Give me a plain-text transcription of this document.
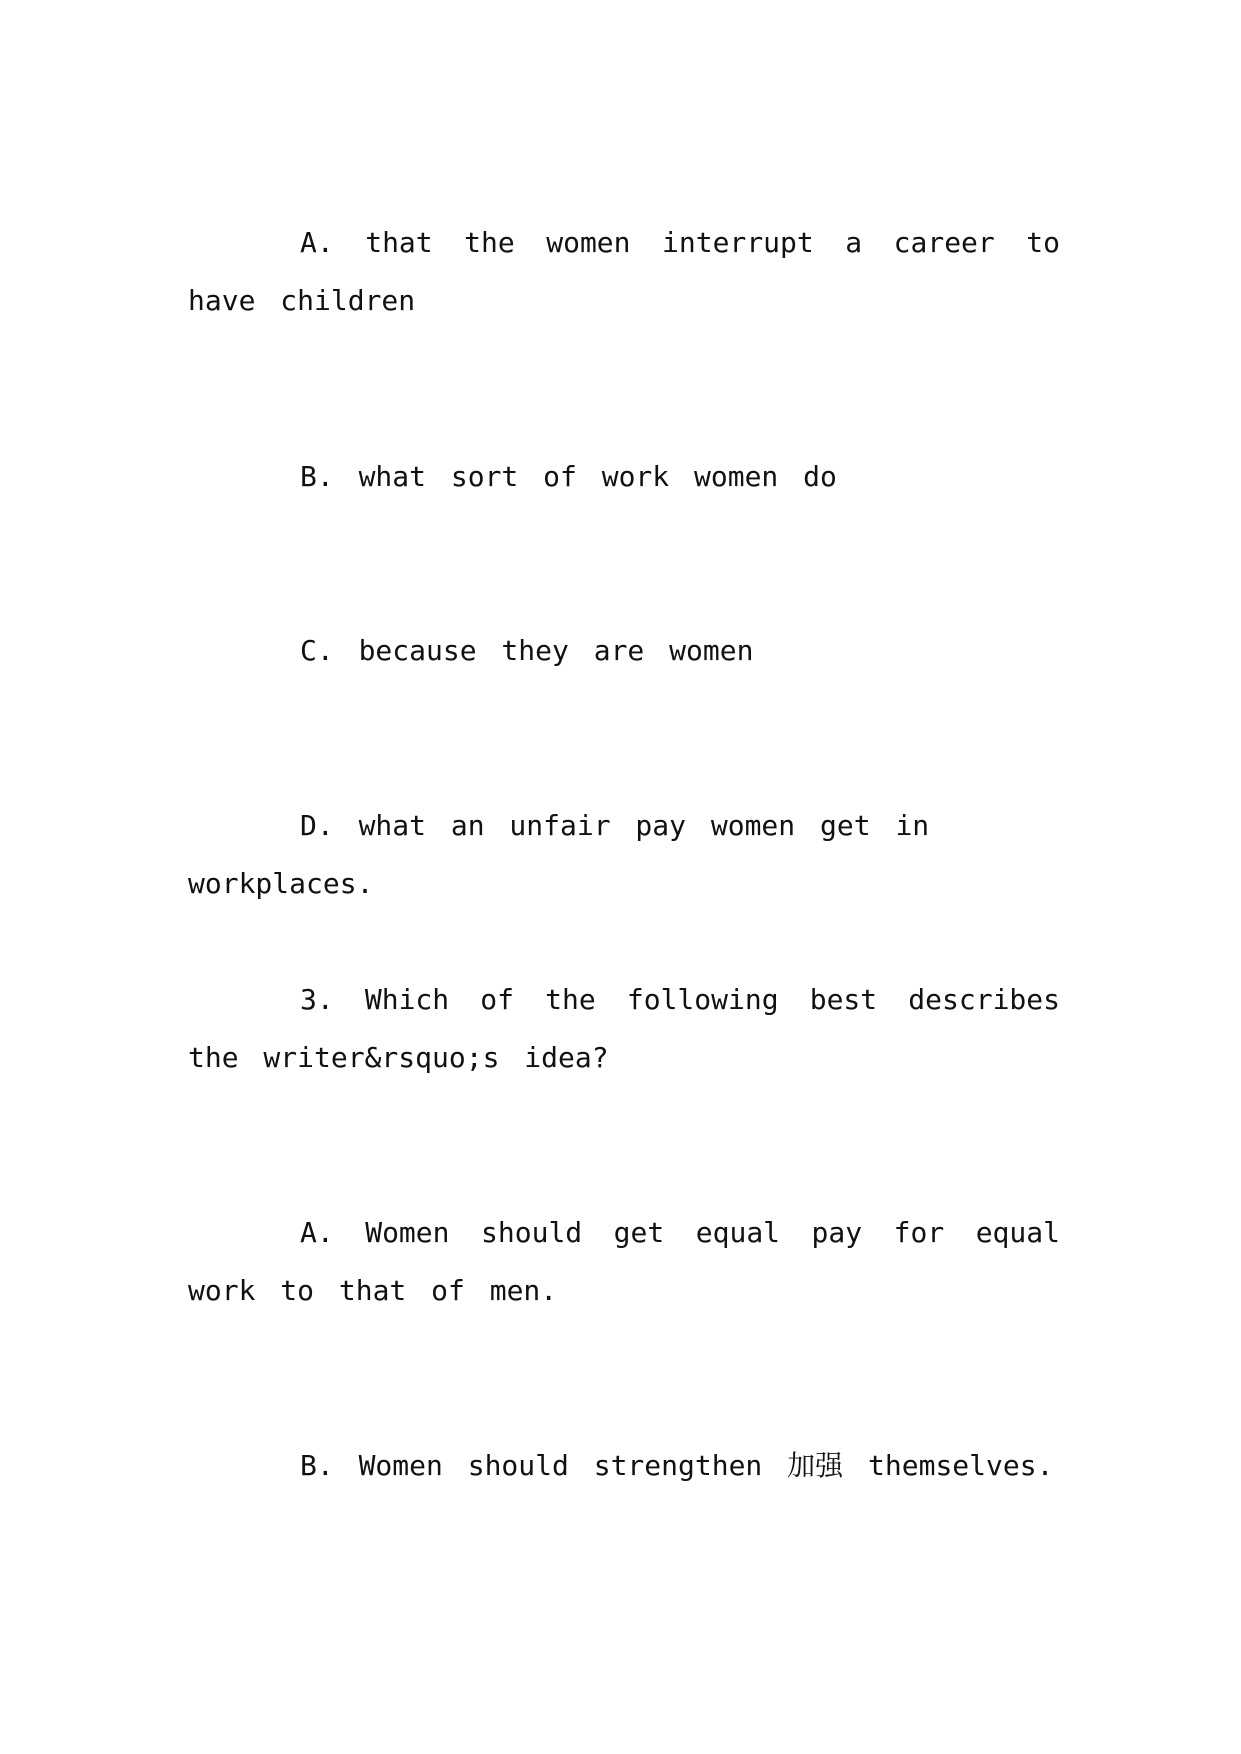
A. that the women interrupt a career to have children

B. what sort of work women do

C. because they are women

D. what an unfair pay women get in workplaces.

3. Which of the following best describes the writer&rsquo;s idea?

A. Women should get equal pay for equal work to that of men.

B. Women should strengthen 加强 themselves.
